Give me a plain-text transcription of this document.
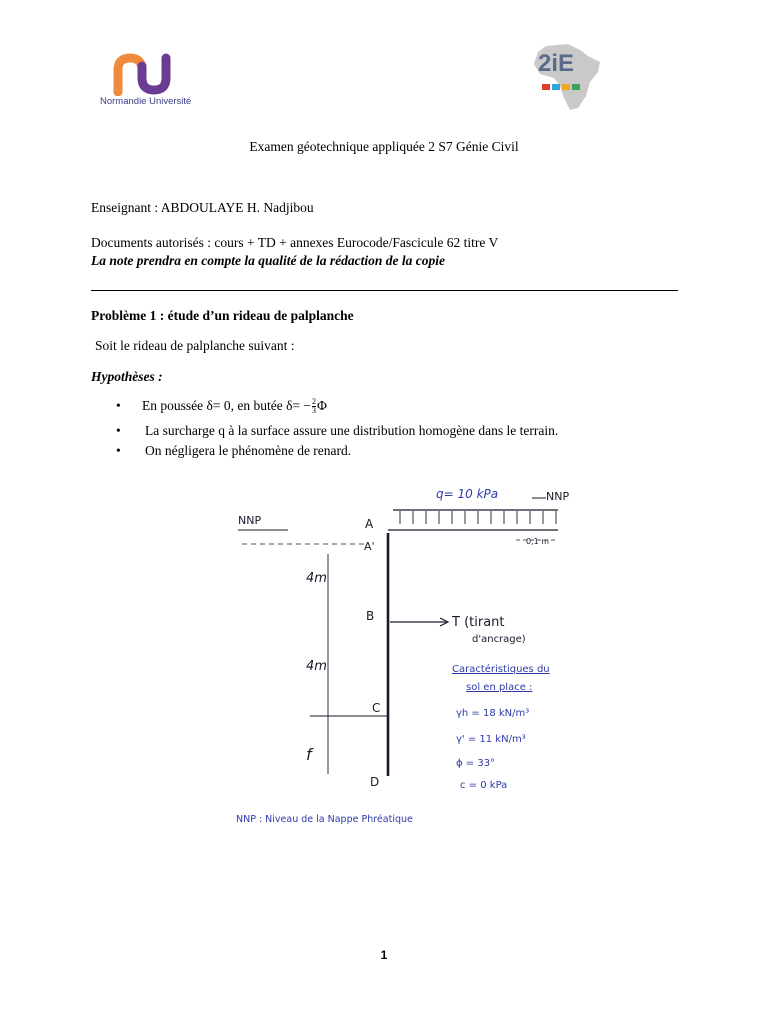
Normandie Université
2iE
Examen géotechnique appliquée 2 S7 Génie Civil
Enseignant : ABDOULAYE H. Nadjibou
Documents autorisés : cours + TD + annexes Eurocode/Fascicule 62 titre V
La note prendra en compte la qualité de la rédaction de la copie
Problème 1 : étude d’un rideau de palplanche
Soit le rideau de palplanche suivant :
Hypothèses :
• En poussée δ= 0, en butée $\delta= - \frac{2}{3}$ Φ
• La surcharge q à la surface assure une distribution homogène dans le terrain.
• On négligera le phénomène de renard.
q= 10 kPa	NNP
0,1 m
NNP	A
A'
B
C
D
T (tirant
d'ancrage)
4m
4m
f
Caractéristiques du
sol en place :
γh = 18 kN/m³
γ' = 11 kN/m³
ϕ = 33°
c = 0 kPa
NNP : Niveau de la Nappe Phréatique
1
